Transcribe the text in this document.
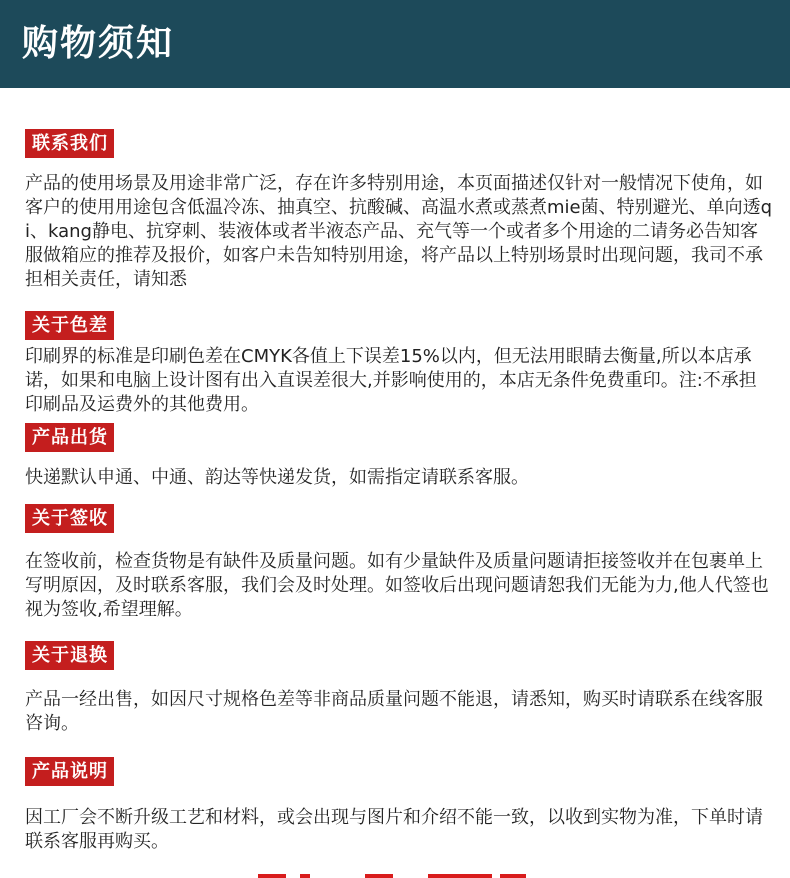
购物须知
联系我们
产品的使用场景及用途非常广泛，存在许多特别用途，本页面描述仅针对一般情况下使角，如客户的使用用途包含低温冷冻、抽真空、抗酸碱、高温水煮或蒸煮mie菌、特别避光、单向透qi、kang静电、抗穿刺、装液体或者半液态产品、充气等一个或者多个用途的二请务必告知客服做箱应的推荐及报价，如客户未告知特别用途，将产品以上特别场景时出现问题，我司不承担相关责任，请知悉
关于色差
印刷界的标准是印刷色差在CMYK各值上下误差15%以内，但无法用眼睛去衡量,所以本店承诺，如果和电脑上设计图有出入直误差很大,并影响使用的，本店无条件免费重印。注:不承担印刷品及运费外的其他费用。
产品出货
快递默认申通、中通、韵达等快递发货，如需指定请联系客服。
关于签收
在签收前，检查货物是有缺件及质量问题。如有少量缺件及质量问题请拒接签收并在包裹单上写明原因，及时联系客服，我们会及时处理。如签收后出现问题请恕我们无能为力,他人代签也视为签收,希望理解。
关于退换
产品一经出售，如因尺寸规格色差等非商品质量问题不能退，请悉知，购买时请联系在线客服咨询。
产品说明
因工厂会不断升级工艺和材料，或会出现与图片和介绍不能一致，以收到实物为准，下单时请联系客服再购买。
